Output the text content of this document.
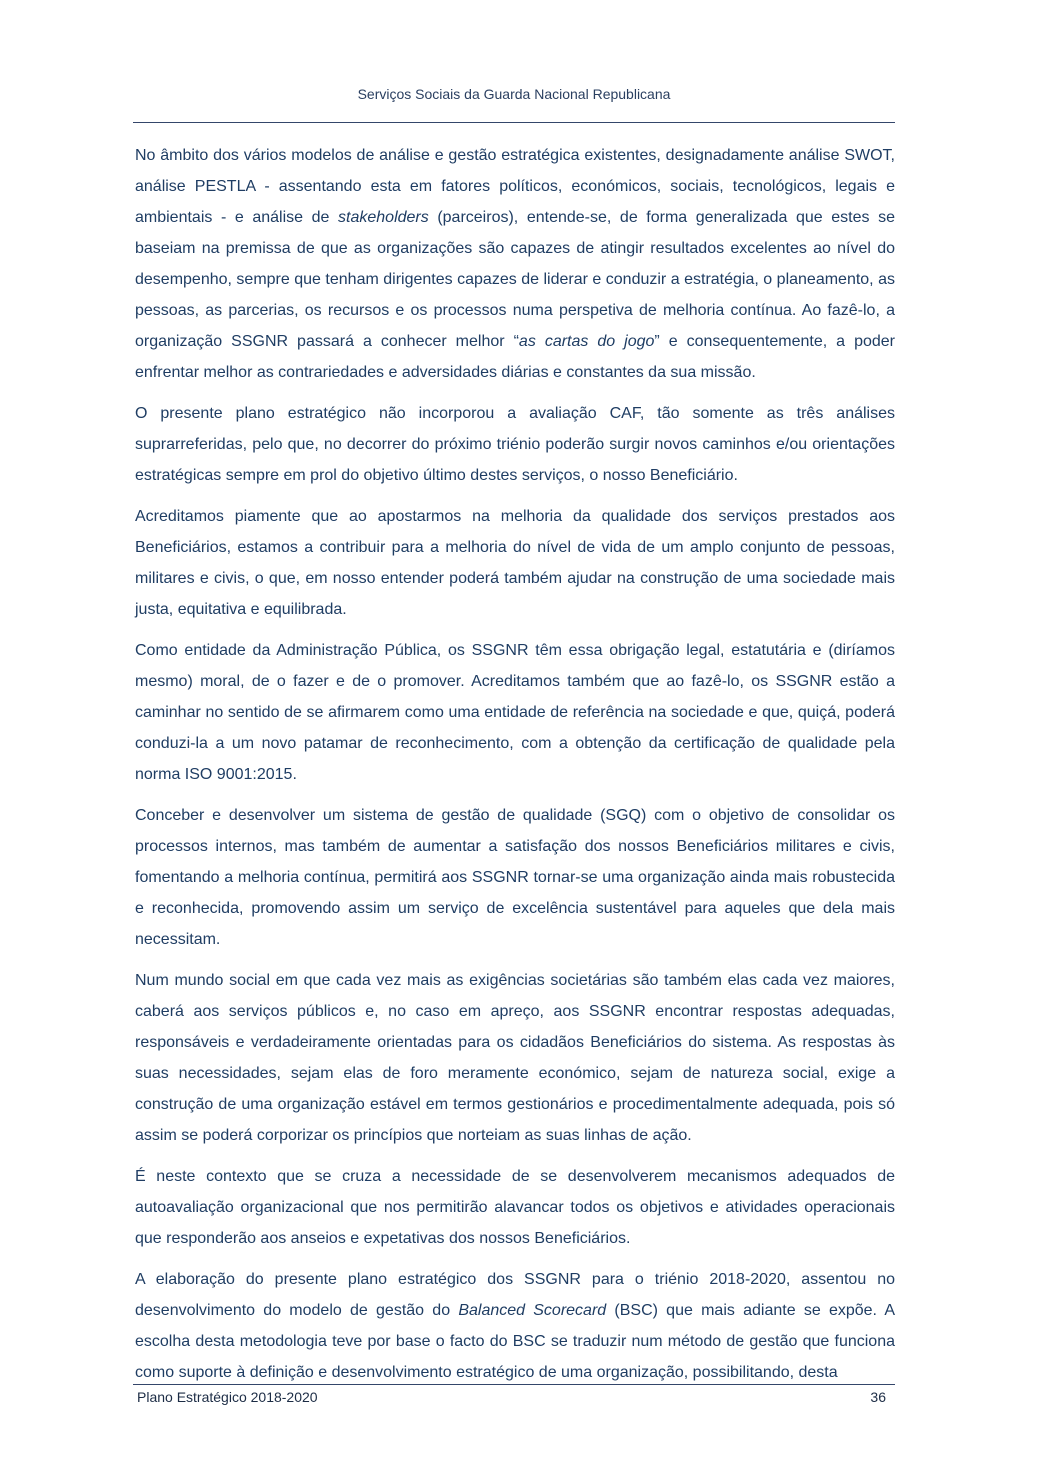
Serviços Sociais da Guarda Nacional Republicana

No âmbito dos vários modelos de análise e gestão estratégica existentes, designadamente análise SWOT, análise PESTLA - assentando esta em fatores políticos, económicos, sociais, tecnológicos, legais e ambientais - e análise de stakeholders (parceiros), entende-se, de forma generalizada que estes se baseiam na premissa de que as organizações são capazes de atingir resultados excelentes ao nível do desempenho, sempre que tenham dirigentes capazes de liderar e conduzir a estratégia, o planeamento, as pessoas, as parcerias, os recursos e os processos numa perspetiva de melhoria contínua. Ao fazê-lo, a organização SSGNR passará a conhecer melhor “as cartas do jogo” e consequentemente, a poder enfrentar melhor as contrariedades e adversidades diárias e constantes da sua missão.

O presente plano estratégico não incorporou a avaliação CAF, tão somente as três análises suprarreferidas, pelo que, no decorrer do próximo triénio poderão surgir novos caminhos e/ou orientações estratégicas sempre em prol do objetivo último destes serviços, o nosso Beneficiário.

Acreditamos piamente que ao apostarmos na melhoria da qualidade dos serviços prestados aos Beneficiários, estamos a contribuir para a melhoria do nível de vida de um amplo conjunto de pessoas, militares e civis, o que, em nosso entender poderá também ajudar na construção de uma sociedade mais justa, equitativa e equilibrada.

Como entidade da Administração Pública, os SSGNR têm essa obrigação legal, estatutária e (diríamos mesmo) moral, de o fazer e de o promover. Acreditamos também que ao fazê-lo, os SSGNR estão a caminhar no sentido de se afirmarem como uma entidade de referência na sociedade e que, quiçá, poderá conduzi-la a um novo patamar de reconhecimento, com a obtenção da certificação de qualidade pela norma ISO 9001:2015.

Conceber e desenvolver um sistema de gestão de qualidade (SGQ) com o objetivo de consolidar os processos internos, mas também de aumentar a satisfação dos nossos Beneficiários militares e civis, fomentando a melhoria contínua, permitirá aos SSGNR tornar-se uma organização ainda mais robustecida e reconhecida, promovendo assim um serviço de excelência sustentável para aqueles que dela mais necessitam.

Num mundo social em que cada vez mais as exigências societárias são também elas cada vez maiores, caberá aos serviços públicos e, no caso em apreço, aos SSGNR encontrar respostas adequadas, responsáveis e verdadeiramente orientadas para os cidadãos Beneficiários do sistema. As respostas às suas necessidades, sejam elas de foro meramente económico, sejam de natureza social, exige a construção de uma organização estável em termos gestionários e procedimentalmente adequada, pois só assim se poderá corporizar os princípios que norteiam as suas linhas de ação.

É neste contexto que se cruza a necessidade de se desenvolverem mecanismos adequados de autoavaliação organizacional que nos permitirão alavancar todos os objetivos e atividades operacionais que responderão aos anseios e expetativas dos nossos Beneficiários.

A elaboração do presente plano estratégico dos SSGNR para o triénio 2018-2020, assentou no desenvolvimento do modelo de gestão do Balanced Scorecard (BSC) que mais adiante se expõe. A escolha desta metodologia teve por base o facto do BSC se traduzir num método de gestão que funciona como suporte à definição e desenvolvimento estratégico de uma organização, possibilitando, desta

Plano Estratégico 2018-2020	36
